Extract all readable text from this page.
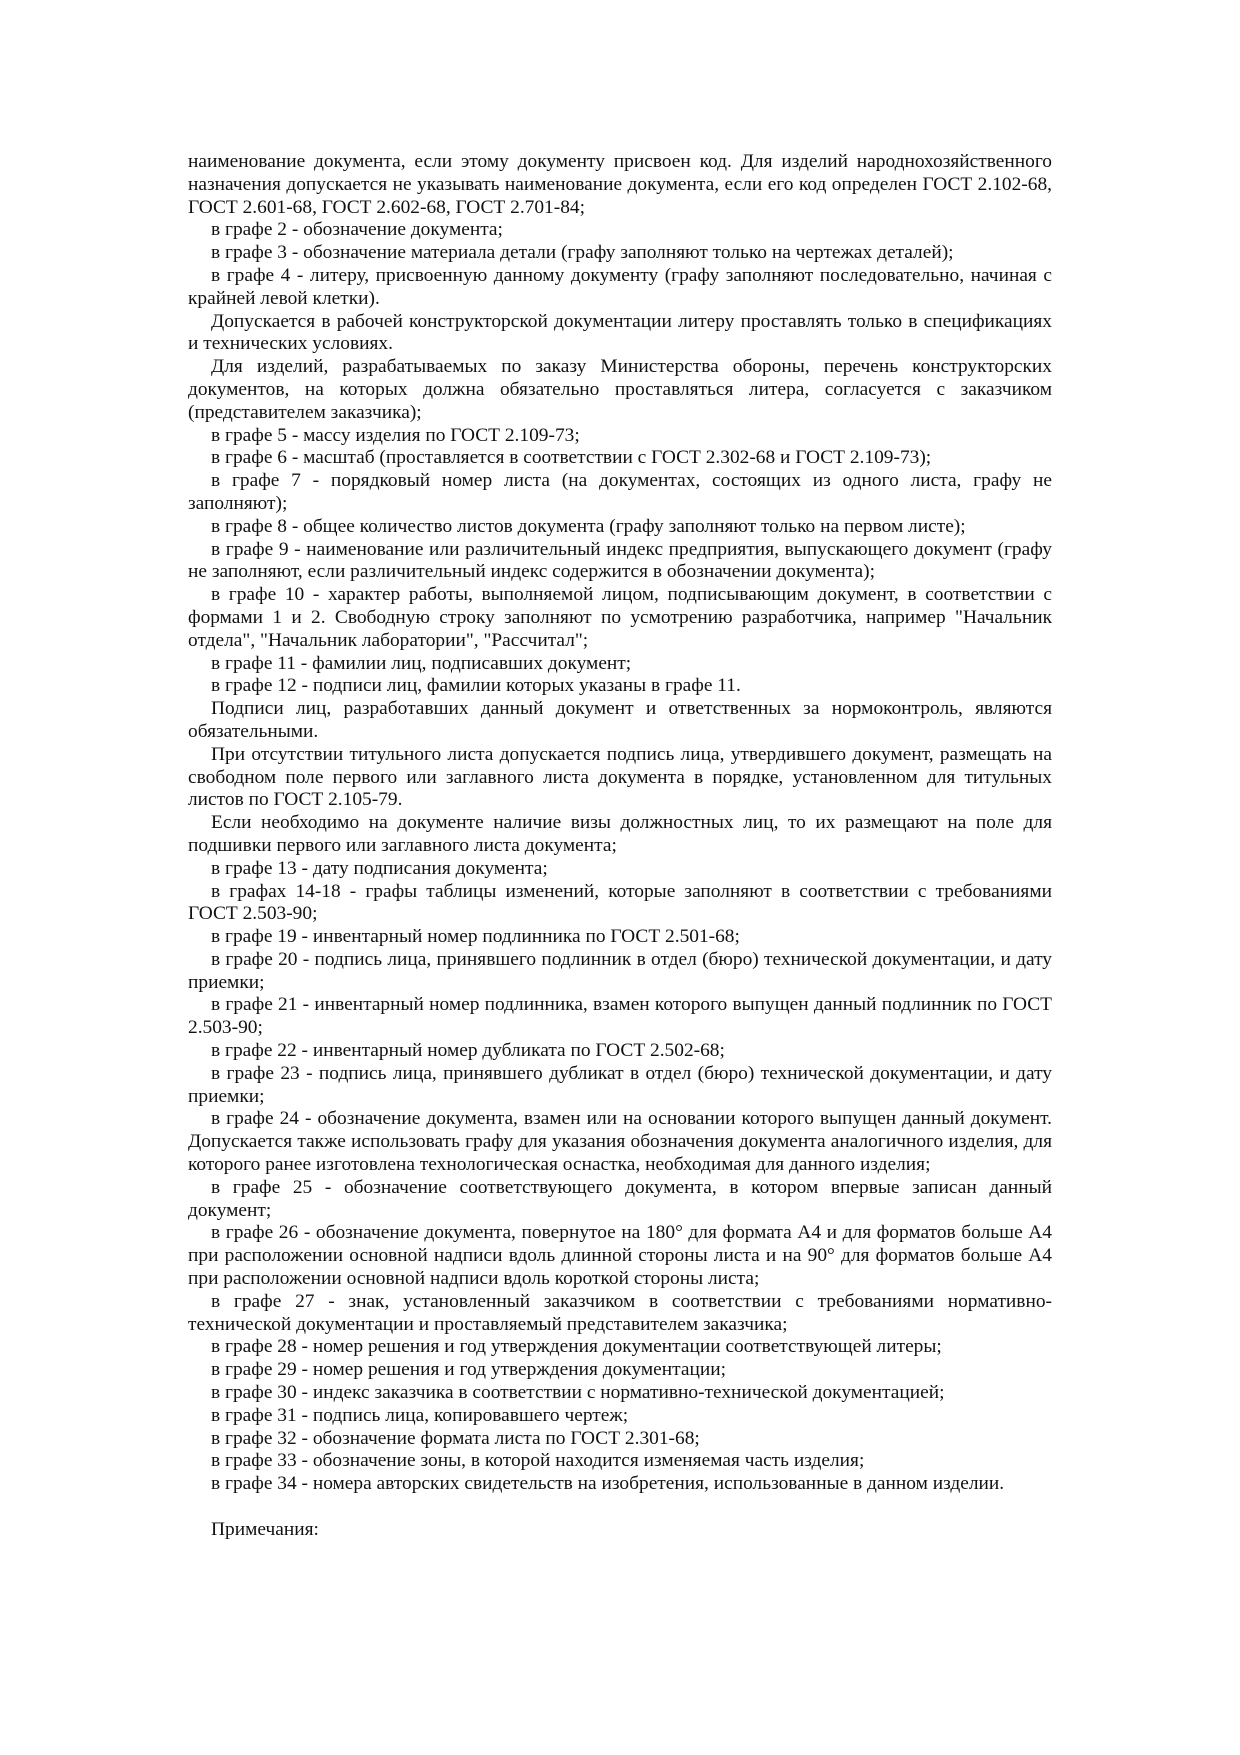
наименование документа, если этому документу присвоен код. Для изделий народнохозяйственного назначения допускается не указывать наименование документа, если его код определен ГОСТ 2.102-68, ГОСТ 2.601-68, ГОСТ 2.602-68, ГОСТ 2.701-84;

в графе 2 - обозначение документа;

в графе 3 - обозначение материала детали (графу заполняют только на чертежах деталей);

в графе 4 - литеру, присвоенную данному документу (графу заполняют последовательно, начиная с крайней левой клетки).

Допускается в рабочей конструкторской документации литеру проставлять только в спецификациях и технических условиях.

Для изделий, разрабатываемых по заказу Министерства обороны, перечень конструкторских документов, на которых должна обязательно проставляться литера, согласуется с заказчиком (представителем заказчика);

в графе 5 - массу изделия по ГОСТ 2.109-73;

в графе 6 - масштаб (проставляется в соответствии с ГОСТ 2.302-68 и ГОСТ 2.109-73);

в графе 7 - порядковый номер листа (на документах, состоящих из одного листа, графу не заполняют);

в графе 8 - общее количество листов документа (графу заполняют только на первом листе);

в графе 9 - наименование или различительный индекс предприятия, выпускающего документ (графу не заполняют, если различительный индекс содержится в обозначении документа);

в графе 10 - характер работы, выполняемой лицом, подписывающим документ, в соответствии с формами 1 и 2. Свободную строку заполняют по усмотрению разработчика, например "Начальник отдела", "Начальник лаборатории", "Рассчитал";

в графе 11 - фамилии лиц, подписавших документ;

в графе 12 - подписи лиц, фамилии которых указаны в графе 11.

Подписи лиц, разработавших данный документ и ответственных за нормоконтроль, являются обязательными.

При отсутствии титульного листа допускается подпись лица, утвердившего документ, размещать на свободном поле первого или заглавного листа документа в порядке, установленном для титульных листов по ГОСТ 2.105-79.

Если необходимо на документе наличие визы должностных лиц, то их размещают на поле для подшивки первого или заглавного листа документа;

в графе 13 - дату подписания документа;

в графах 14-18 - графы таблицы изменений, которые заполняют в соответствии с требованиями ГОСТ 2.503-90;

в графе 19 - инвентарный номер подлинника по ГОСТ 2.501-68;

в графе 20 - подпись лица, принявшего подлинник в отдел (бюро) технической документации, и дату приемки;

в графе 21 - инвентарный номер подлинника, взамен которого выпущен данный подлинник по ГОСТ 2.503-90;

в графе 22 - инвентарный номер дубликата по ГОСТ 2.502-68;

в графе 23 - подпись лица, принявшего дубликат в отдел (бюро) технической документации, и дату приемки;

в графе 24 - обозначение документа, взамен или на основании которого выпущен данный документ. Допускается также использовать графу для указания обозначения документа аналогичного изделия, для которого ранее изготовлена технологическая оснастка, необходимая для данного изделия;

в графе 25 - обозначение соответствующего документа, в котором впервые записан данный документ;

в графе 26 - обозначение документа, повернутое на 180° для формата А4 и для форматов больше А4 при расположении основной надписи вдоль длинной стороны листа и на 90° для форматов больше А4 при расположении основной надписи вдоль короткой стороны листа;

в графе 27 - знак, установленный заказчиком в соответствии с требованиями нормативно-технической документации и проставляемый представителем заказчика;

в графе 28 - номер решения и год утверждения документации соответствующей литеры;

в графе 29 - номер решения и год утверждения документации;

в графе 30 - индекс заказчика в соответствии с нормативно-технической документацией;

в графе 31 - подпись лица, копировавшего чертеж;

в графе 32 - обозначение формата листа по ГОСТ 2.301-68;

в графе 33 - обозначение зоны, в которой находится изменяемая часть изделия;

в графе 34 - номера авторских свидетельств на изобретения, использованные в данном изделии.

Примечания:
